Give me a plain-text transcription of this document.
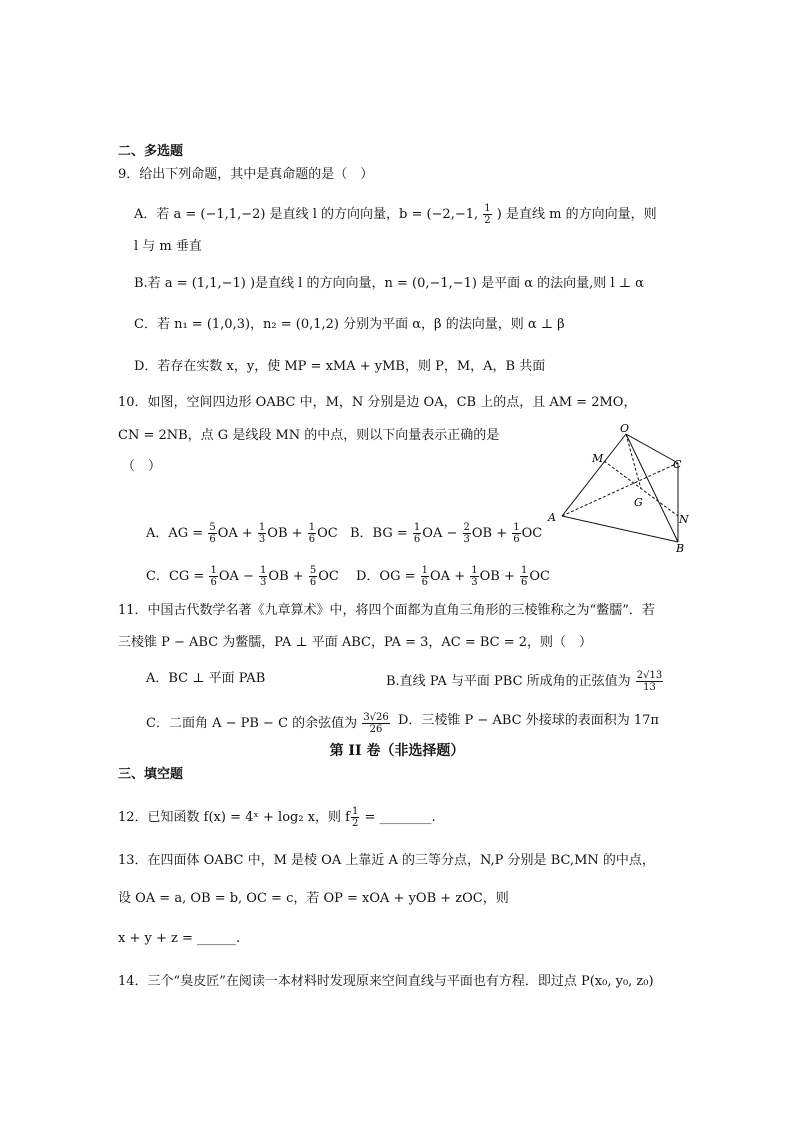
二、多选题
9．给出下列命题，其中是真命题的是（　）
A．若 a = (−1,1,−2) 是直线 l 的方向向量，b = (−2,−1, $\frac{1}{2}$ ) 是直线 m 的方向向量，则
l 与 m 垂直
B.若 a = (1,1,−1) )是直线 l 的方向向量，n = (0,−1,−1) 是平面 α 的法向量,则 l ⊥ α
C．若 n₁ = (1,0,3)，n₂ = (0,1,2) 分别为平面 α，β 的法向量，则 α ⊥ β
D．若存在实数 x，y，使 MP = xMA + yMB，则 P，M，A，B 共面
10．如图，空间四边形 OABC 中，M，N 分别是边 OA，CB 上的点，且 AM = 2MO，
CN = 2NB，点 G 是线段 MN 的中点，则以下向量表示正确的是
（　）
O
M	C
G
A	N
B
A．AG = $\frac{5}{6}$ OA + $\frac{1}{3}$ OB + $\frac{1}{6}$ OC B．BG = $\frac{1}{6}$ OA − $\frac{2}{3}$ OB + $\frac{1}{6}$ OC
C．CG = $\frac{1}{6}$ OA − $\frac{1}{3}$ OB + $\frac{5}{6}$ OC D．OG = $\frac{1}{6}$ OA + $\frac{1}{3}$ OB + $\frac{1}{6}$ OC
11．中国古代数学名著《九章算术》中，将四个面都为直角三角形的三棱锥称之为“鳖臑”．若
三棱锥 P − ABC 为鳖臑，PA ⊥ 平面 ABC，PA = 3，AC = BC = 2，则（　）
A．BC ⊥ 平面 PAB	B.直线 PA 与平面 PBC 所成角的正弦值为 $\frac{2√13}{13}$
C．二面角 A − PB − C 的余弦值为 $\frac{3√26}{26}$ D．三棱锥 P − ABC 外接球的表面积为 17π
第 II 卷（非选择题）
三、填空题
12．已知函数 f(x) = 4ˣ + log₂ x，则 f $\frac{1}{2}$ = ________.
13．在四面体 OABC 中，M 是棱 OA 上靠近 A 的三等分点，N,P 分别是 BC,MN 的中点，
设 OA = a, OB = b, OC = c，若 OP = xOA + yOB + zOC，则
x + y + z = ______.
14．三个“臭皮匠”在阅读一本材料时发现原来空间直线与平面也有方程．即过点 P(x₀, y₀, z₀)
